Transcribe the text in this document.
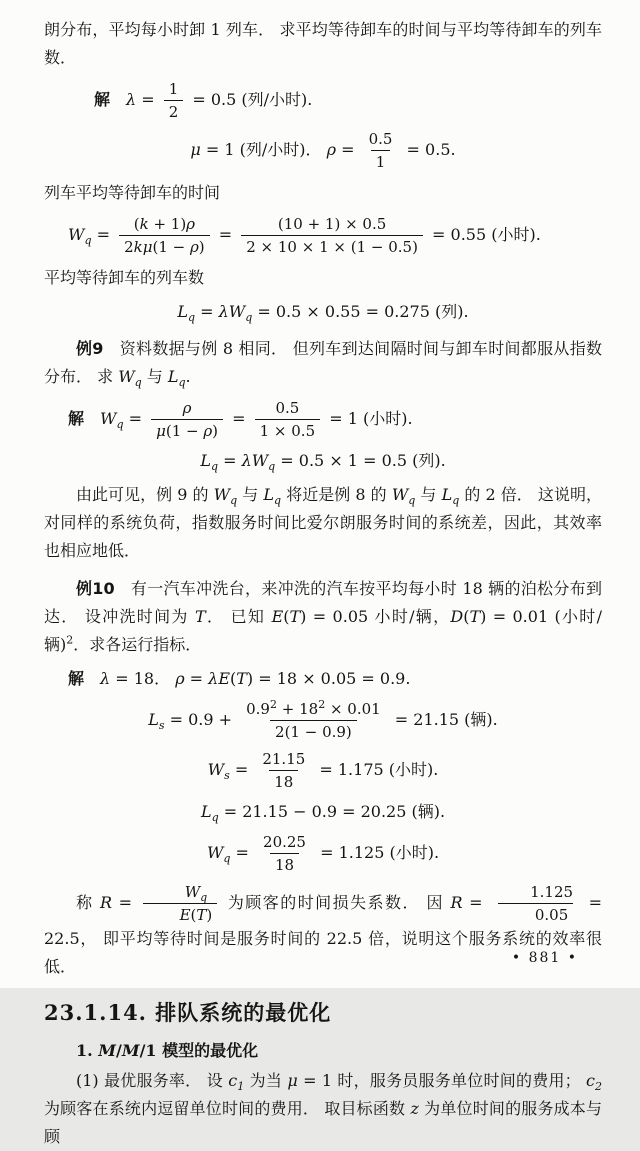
朗分布，平均每小时卸 1 列车． 求平均等待卸车的时间与平均等待卸车的列车数．

解 $\lambda = \frac{1}{2} = 0.5$ (列/小时).
μ = 1 (列/小时)． $\rho = \frac{0.5}{1} = 0.5$.

列车平均等待卸车的时间

$W_q = \frac{(k + 1)\rho}{2k\mu(1 - \rho)} = \frac{(10 + 1) \times 0.5}{2 \times 10 \times 1 \times (1 - 0.5)} = 0.55$ (小时).

平均等待卸车的列车数

$L_q = \lambda W_q = 0.5 \times 0.55 = 0.275$ (列).

例9 资料数据与例 8 相同． 但列车到达间隔时间与卸车时间都服从指数分布． 求 $W_q$ 与 $L_q$.

解 $W_q = \frac{\rho}{\mu(1 - \rho)} = \frac{0.5}{1 \times 0.5} = 1$ (小时).
$L_q = \lambda W_q = 0.5 \times 1 = 0.5$ (列).

由此可见，例 9 的 $W_q$ 与 $L_q$ 将近是例 8 的 $W_q$ 与 $L_q$ 的 2 倍． 这说明，对同样的系统负荷，指数服务时间比爱尔朗服务时间的系统差，因此，其效率也相应地低．

例10 有一汽车冲洗台，来冲洗的汽车按平均每小时 18 辆的泊松分布到达． 设冲洗时间为 T． 已知 E(T) = 0.05 小时/辆，D(T) = 0.01 (小时/辆)$^2$．求各运行指标．

解 λ = 18． ρ = λE(T) = 18 × 0.05 = 0.9.
$L_s = 0.9 + \frac{0.9^2 + 18^2 \times 0.01}{2(1 - 0.9)} = 21.15$ (辆).
$W_s = \frac{21.15}{18} = 1.175$ (小时).
$L_q = 21.15 - 0.9 = 20.25$ (辆).
$W_q = \frac{20.25}{18} = 1.125$ (小时).

称 $R = \frac{W_q}{E(T)}$ 为顾客的时间损失系数． 因 $R = \frac{1.125}{0.05} = 22.5$， 即平均等待时间是服务时间的 22.5 倍，说明这个服务系统的效率很低．

23.1.14. 排队系统的最优化

1. M/M/1 模型的最优化

(1) 最优服务率． 设 $c_1$ 为当 μ = 1 时，服务员服务单位时间的费用； $c_2$ 为顾客在系统内逗留单位时间的费用． 取目标函数 z 为单位时间的服务成本与顾

• 881 •
